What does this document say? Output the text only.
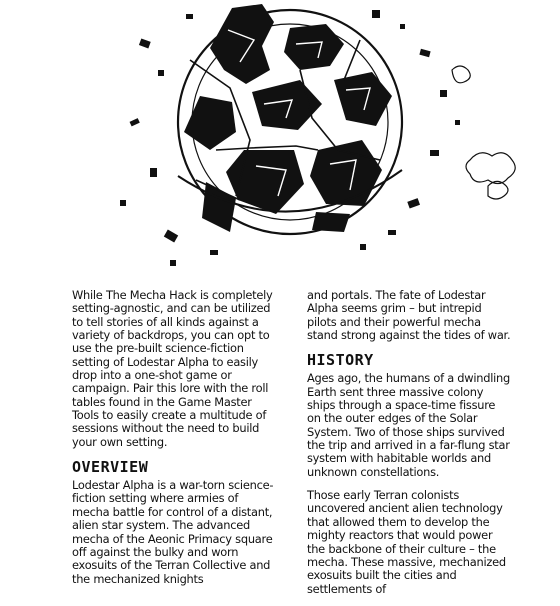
While The Mecha Hack is completely setting-agnostic, and can be utilized to tell stories of all kinds against a variety of backdrops, you can opt to use the pre-built science-fiction setting of Lodestar Alpha to easily drop into a one-shot game or campaign. Pair this lore with the roll tables found in the Game Master Tools to easily create a multitude of sessions without the need to build your own setting.

OVERVIEW

Lodestar Alpha is a war-torn science-fiction setting where armies of mecha battle for control of a distant, alien star system. The advanced mecha of the Aeonic Primacy square off against the bulky and worn exosuits of the Terran Collective and the mechanized knights

and portals. The fate of Lodestar Alpha seems grim – but intrepid pilots and their powerful mecha stand strong against the tides of war.

HISTORY

Ages ago, the humans of a dwindling Earth sent three massive colony ships through a space-time fissure on the outer edges of the Solar System. Two of those ships survived the trip and arrived in a far-flung star system with habitable worlds and unknown constellations.

Those early Terran colonists uncovered ancient alien technology that allowed them to develop the mighty reactors that would power the backbone of their culture – the mecha. These massive, mechanized exosuits built the cities and settlements of
